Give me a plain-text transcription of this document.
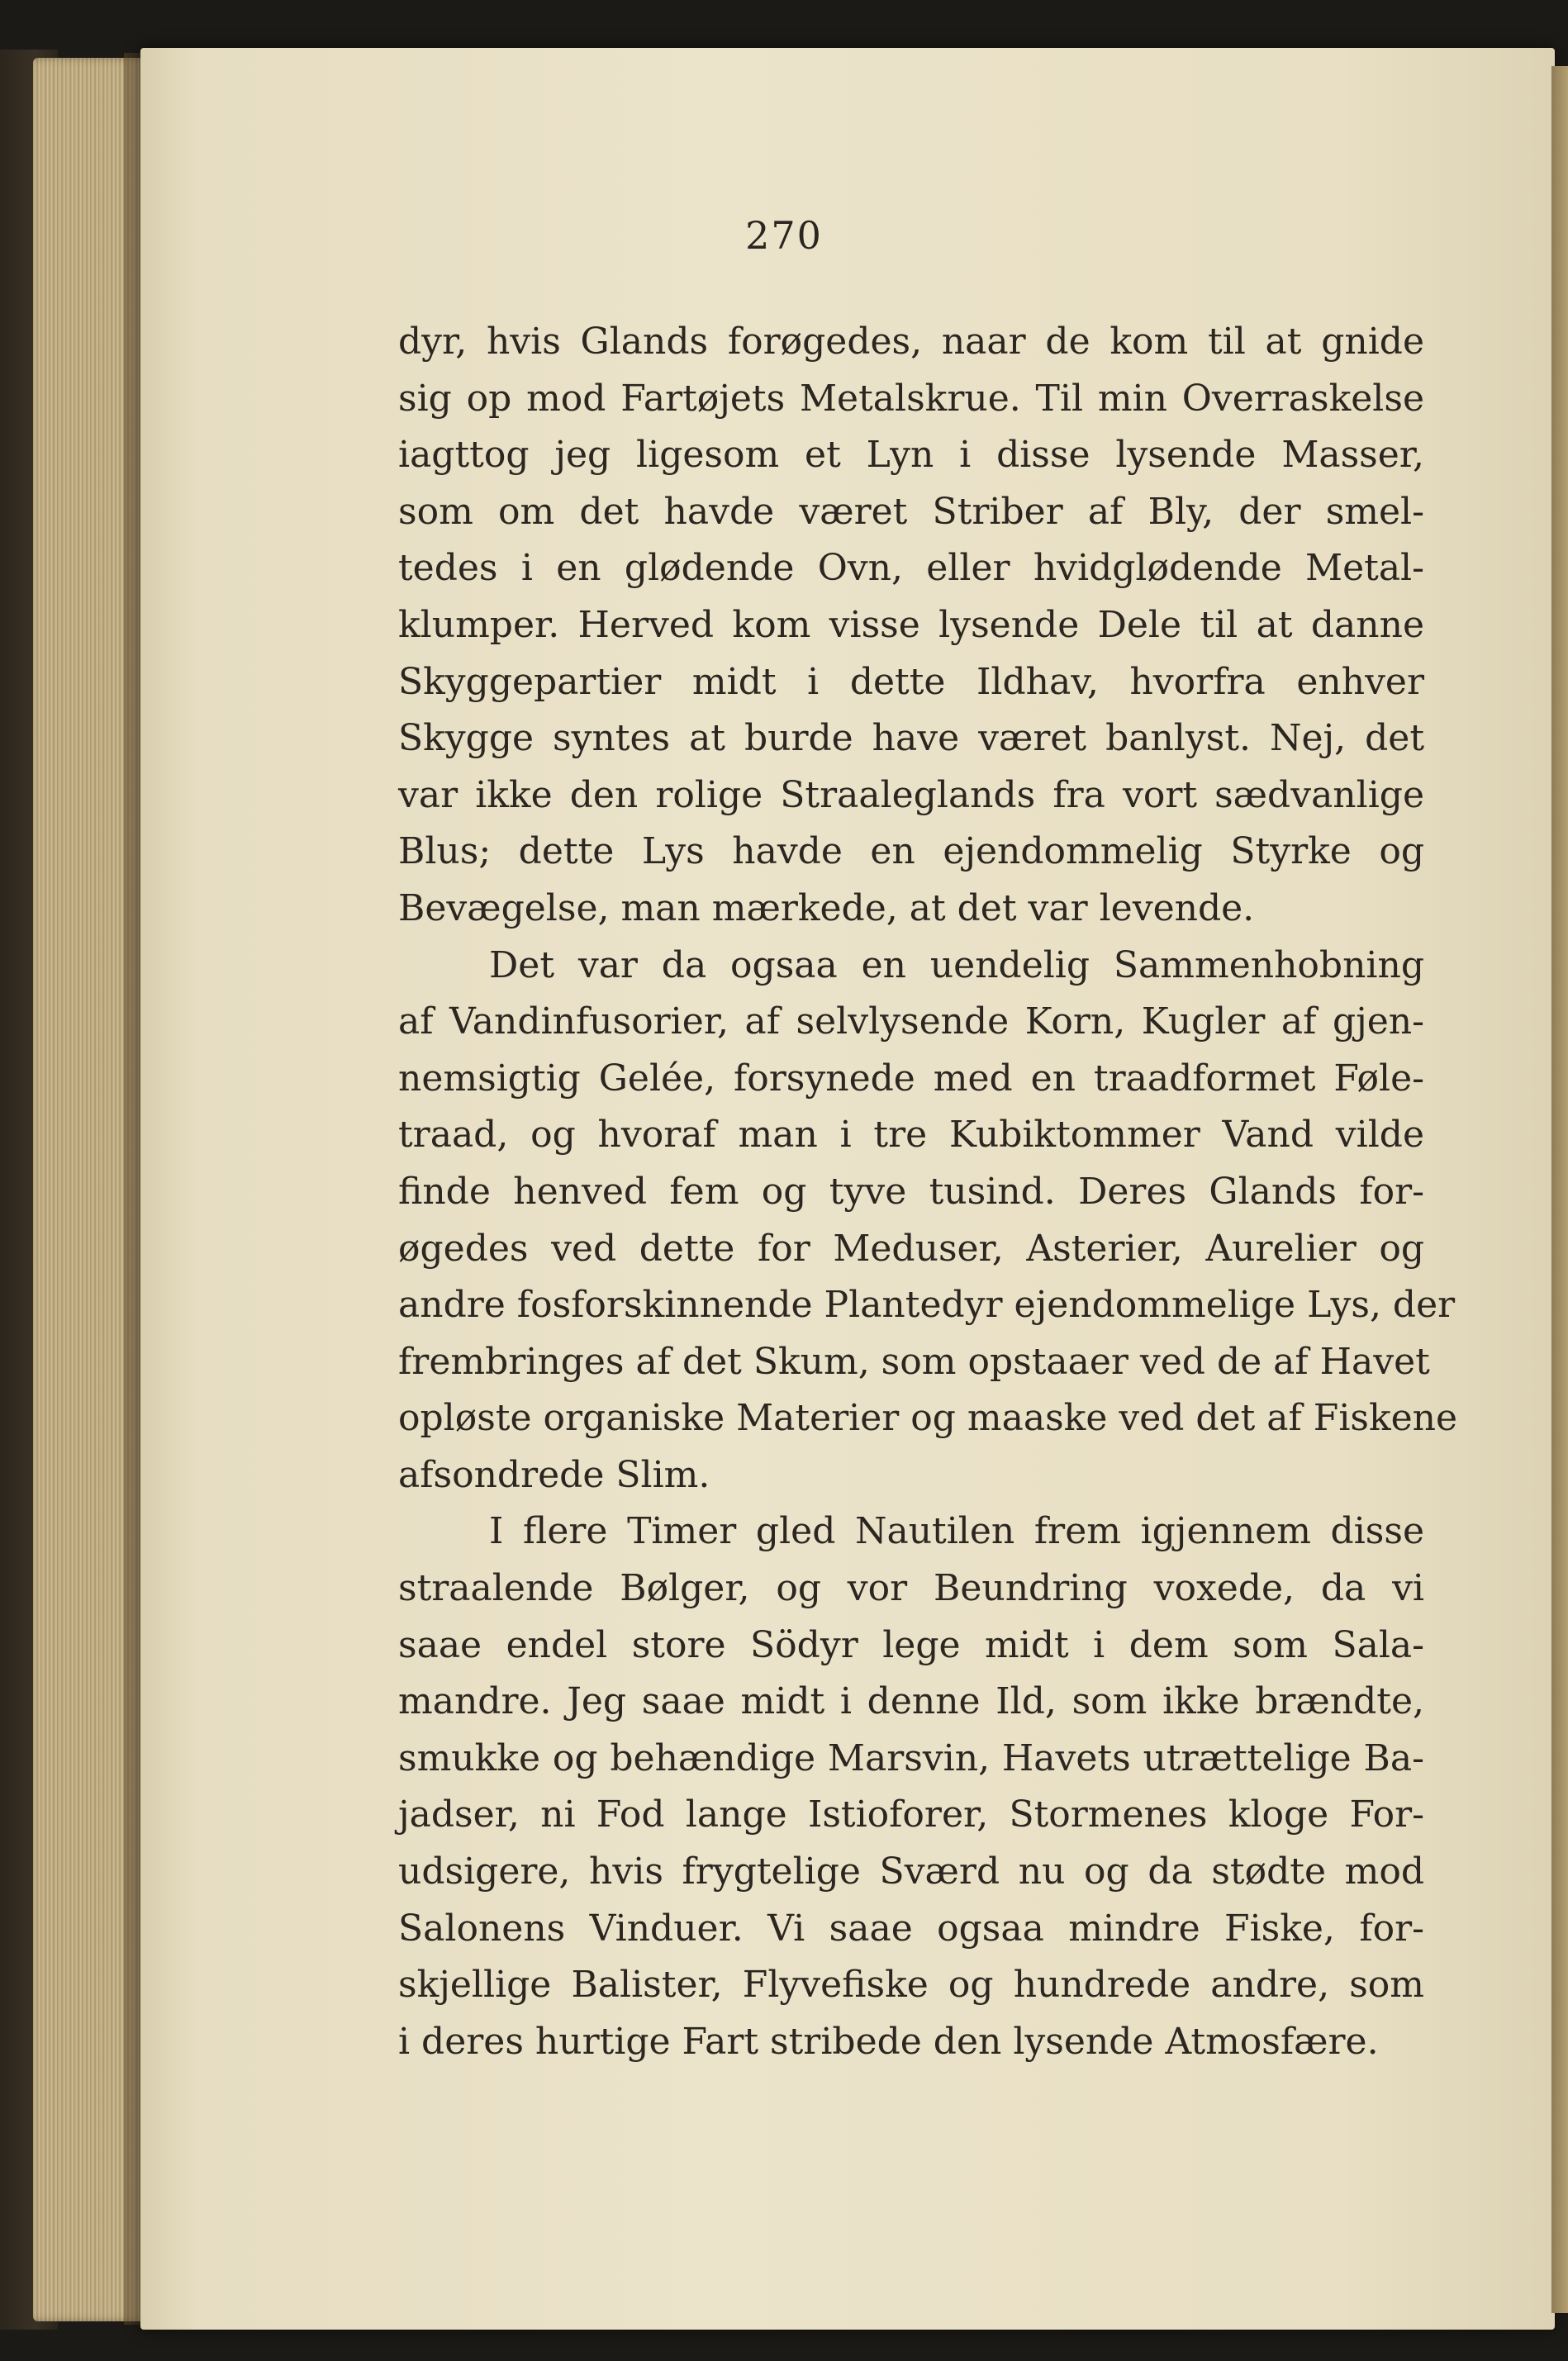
270
dyr, hvis Glands forøgedes, naar de kom til at gnide
sig op mod Fartøjets Metalskrue. Til min Overraskelse
iagttog jeg ligesom et Lyn i disse lysende Masser,
som om det havde været Striber af Bly, der smel-
tedes i en glødende Ovn, eller hvidglødende Metal-
klumper. Herved kom visse lysende Dele til at danne
Skyggepartier midt i dette Ildhav, hvorfra enhver
Skygge syntes at burde have været banlyst. Nej, det
var ikke den rolige Straaleglands fra vort sædvanlige
Blus; dette Lys havde en ejendommelig Styrke og
Bevægelse, man mærkede, at det var levende.
Det var da ogsaa en uendelig Sammenhobning
af Vandinfusorier, af selvlysende Korn, Kugler af gjen-
nemsigtig Gelée, forsynede med en traadformet Føle-
traad, og hvoraf man i tre Kubiktommer Vand vilde
finde henved fem og tyve tusind. Deres Glands for-
øgedes ved dette for Meduser, Asterier, Aurelier og
andre fosforskinnende Plantedyr ejendommelige Lys, der
frembringes af det Skum, som opstaaer ved de af Havet
opløste organiske Materier og maaske ved det af Fiskene
afsondrede Slim.
I flere Timer gled Nautilen frem igjennem disse
straalende Bølger, og vor Beundring voxede, da vi
saae endel store Södyr lege midt i dem som Sala-
mandre. Jeg saae midt i denne Ild, som ikke brændte,
smukke og behændige Marsvin, Havets utrættelige Ba-
jadser, ni Fod lange Istioforer, Stormenes kloge For-
udsigere, hvis frygtelige Sværd nu og da stødte mod
Salonens Vinduer. Vi saae ogsaa mindre Fiske, for-
skjellige Balister, Flyvefiske og hundrede andre, som
i deres hurtige Fart stribede den lysende Atmosfære.
